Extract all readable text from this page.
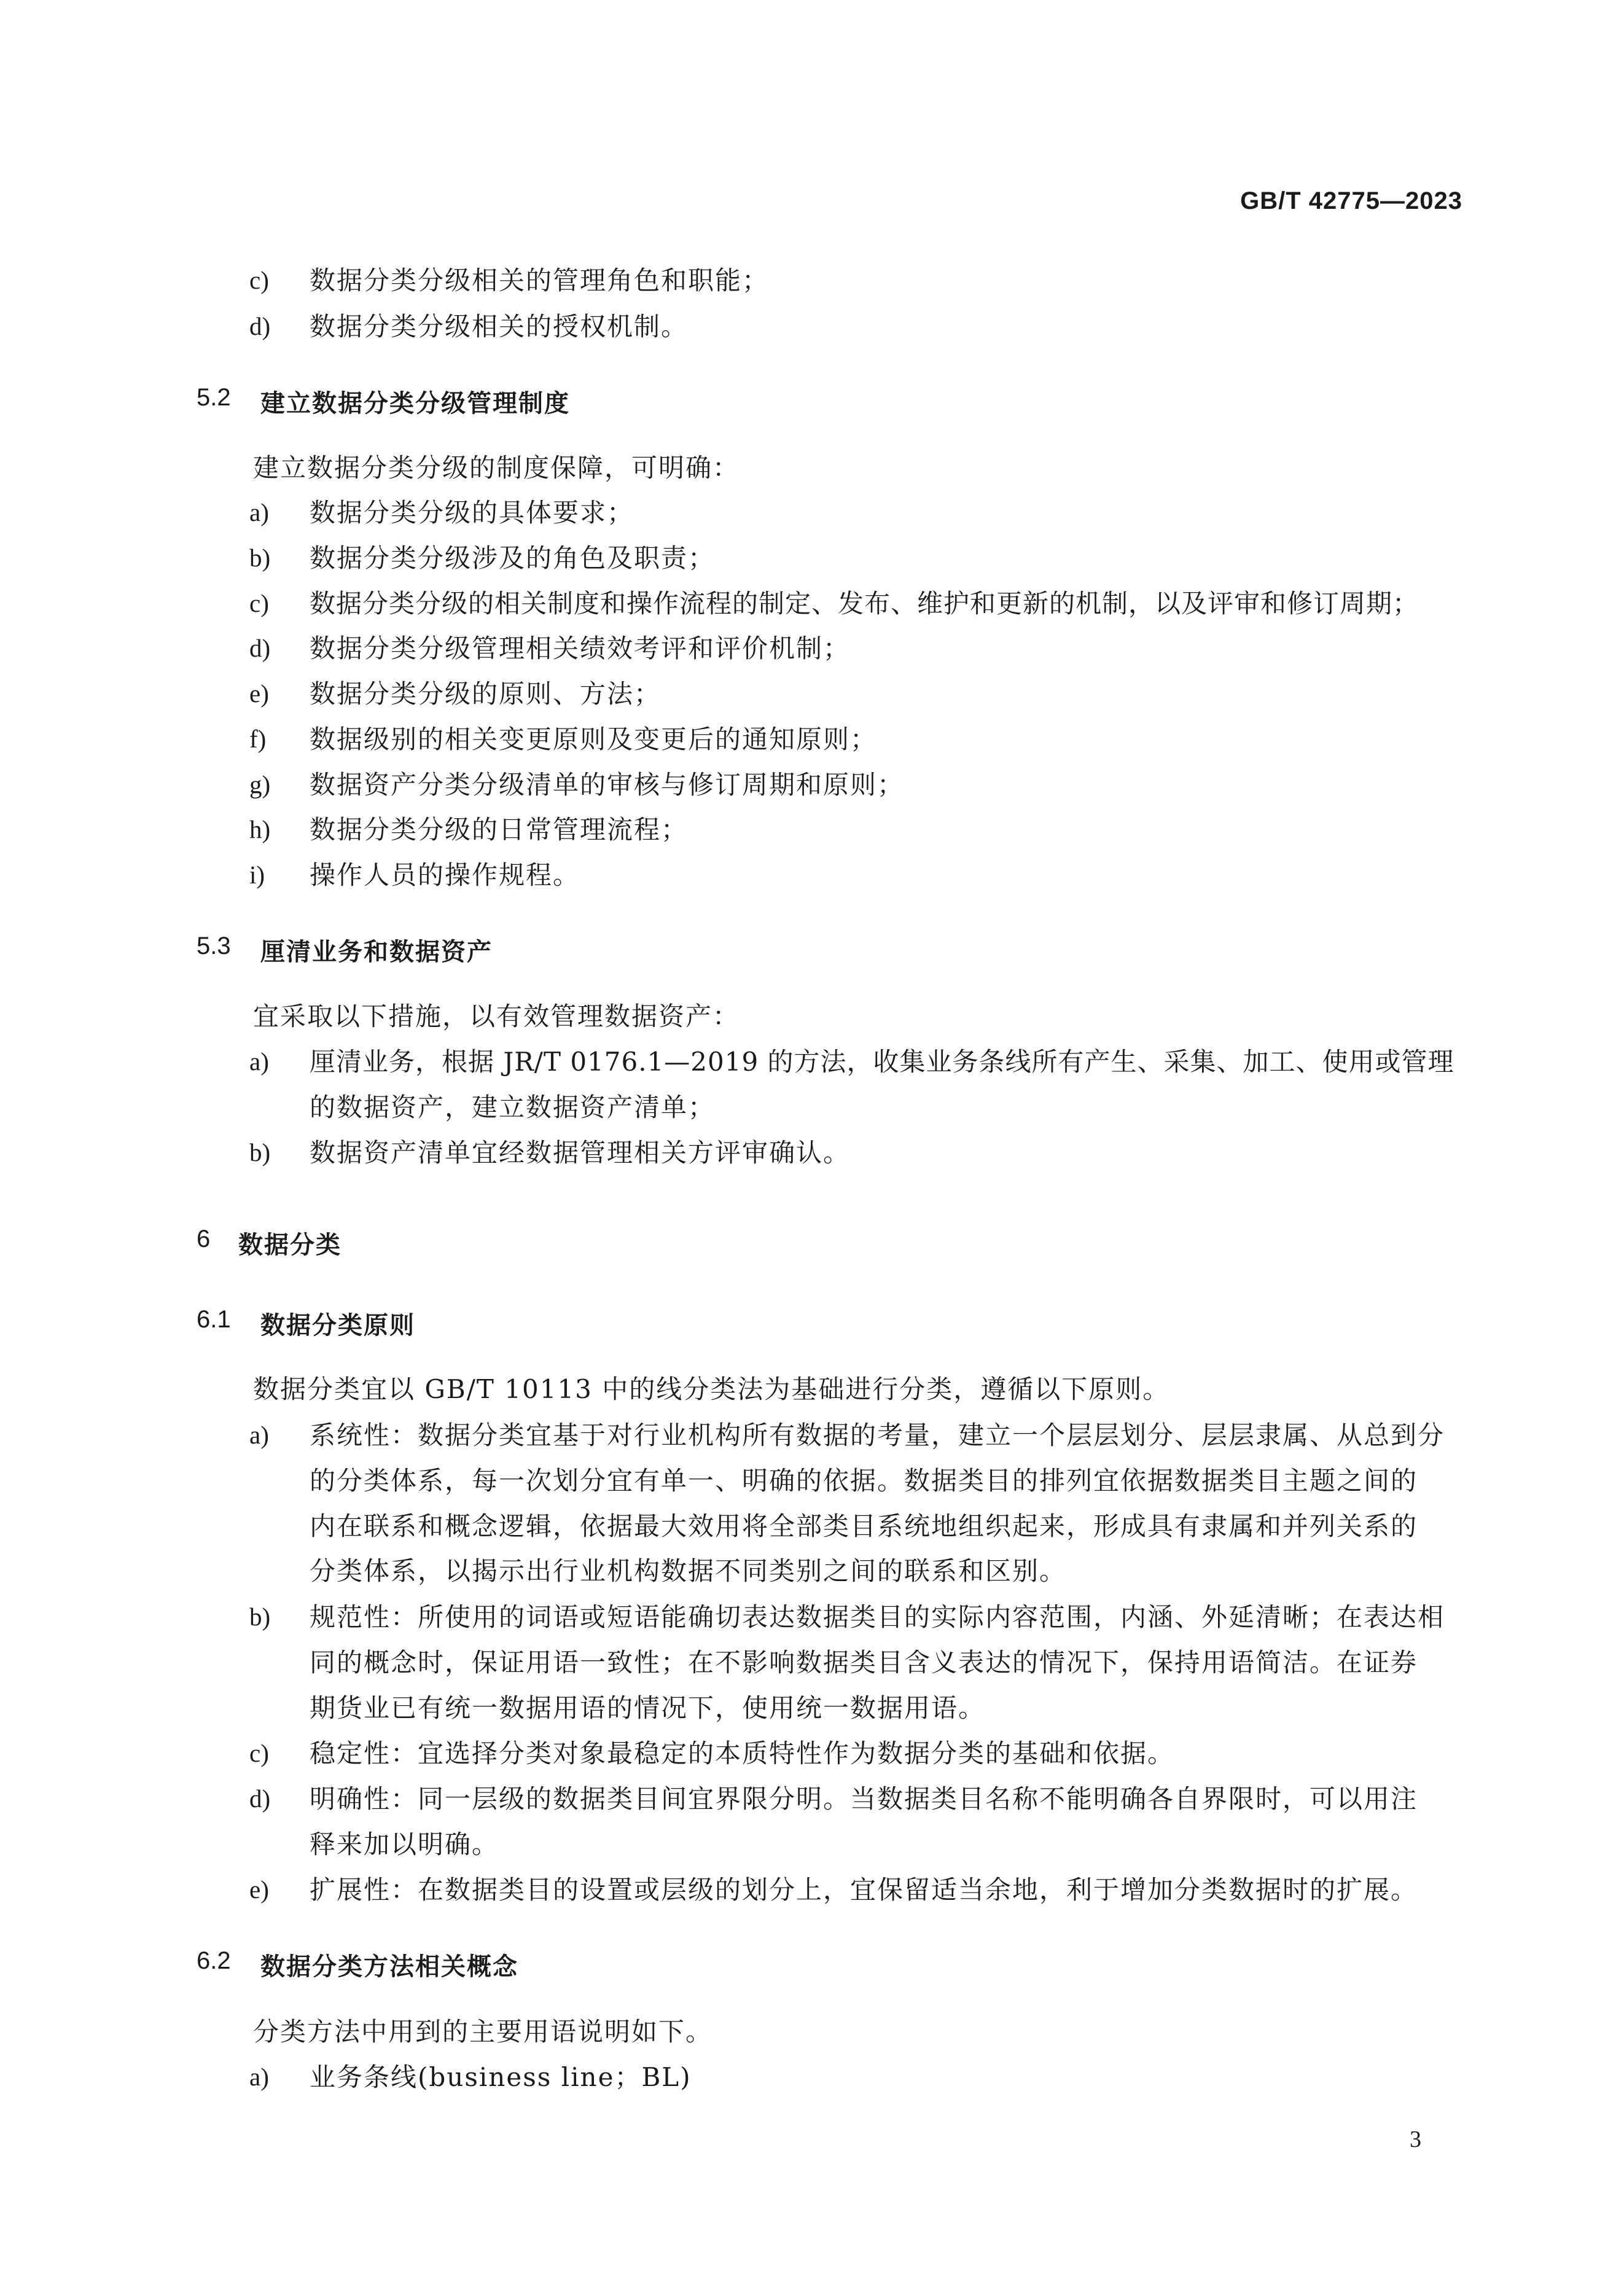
GB/T 42775—2023
c) 数据分类分级相关的管理角色和职能；
d) 数据分类分级相关的授权机制。
5.2 建立数据分类分级管理制度
建立数据分类分级的制度保障，可明确：
a) 数据分类分级的具体要求；
b) 数据分类分级涉及的角色及职责；
c) 数据分类分级的相关制度和操作流程的制定、发布、维护和更新的机制，以及评审和修订周期；
d) 数据分类分级管理相关绩效考评和评价机制；
e) 数据分类分级的原则、方法；
f) 数据级别的相关变更原则及变更后的通知原则；
g) 数据资产分类分级清单的审核与修订周期和原则；
h) 数据分类分级的日常管理流程；
i) 操作人员的操作规程。
5.3 厘清业务和数据资产
宜采取以下措施，以有效管理数据资产：
a) 厘清业务，根据 JR/T 0176.1—2019 的方法，收集业务条线所有产生、采集、加工、使用或管理
的数据资产，建立数据资产清单；
b) 数据资产清单宜经数据管理相关方评审确认。
6 数据分类
6.1 数据分类原则
数据分类宜以 GB/T 10113 中的线分类法为基础进行分类，遵循以下原则。
a) 系统性：数据分类宜基于对行业机构所有数据的考量，建立一个层层划分、层层隶属、从总到分
的分类体系，每一次划分宜有单一、明确的依据。数据类目的排列宜依据数据类目主题之间的
内在联系和概念逻辑，依据最大效用将全部类目系统地组织起来，形成具有隶属和并列关系的
分类体系，以揭示出行业机构数据不同类别之间的联系和区别。
b) 规范性：所使用的词语或短语能确切表达数据类目的实际内容范围，内涵、外延清晰；在表达相
同的概念时，保证用语一致性；在不影响数据类目含义表达的情况下，保持用语简洁。在证券
期货业已有统一数据用语的情况下，使用统一数据用语。
c) 稳定性：宜选择分类对象最稳定的本质特性作为数据分类的基础和依据。
d) 明确性：同一层级的数据类目间宜界限分明。当数据类目名称不能明确各自界限时，可以用注
释来加以明确。
e) 扩展性：在数据类目的设置或层级的划分上，宜保留适当余地，利于增加分类数据时的扩展。
6.2 数据分类方法相关概念
分类方法中用到的主要用语说明如下。
a) 业务条线(business line；BL)
3
